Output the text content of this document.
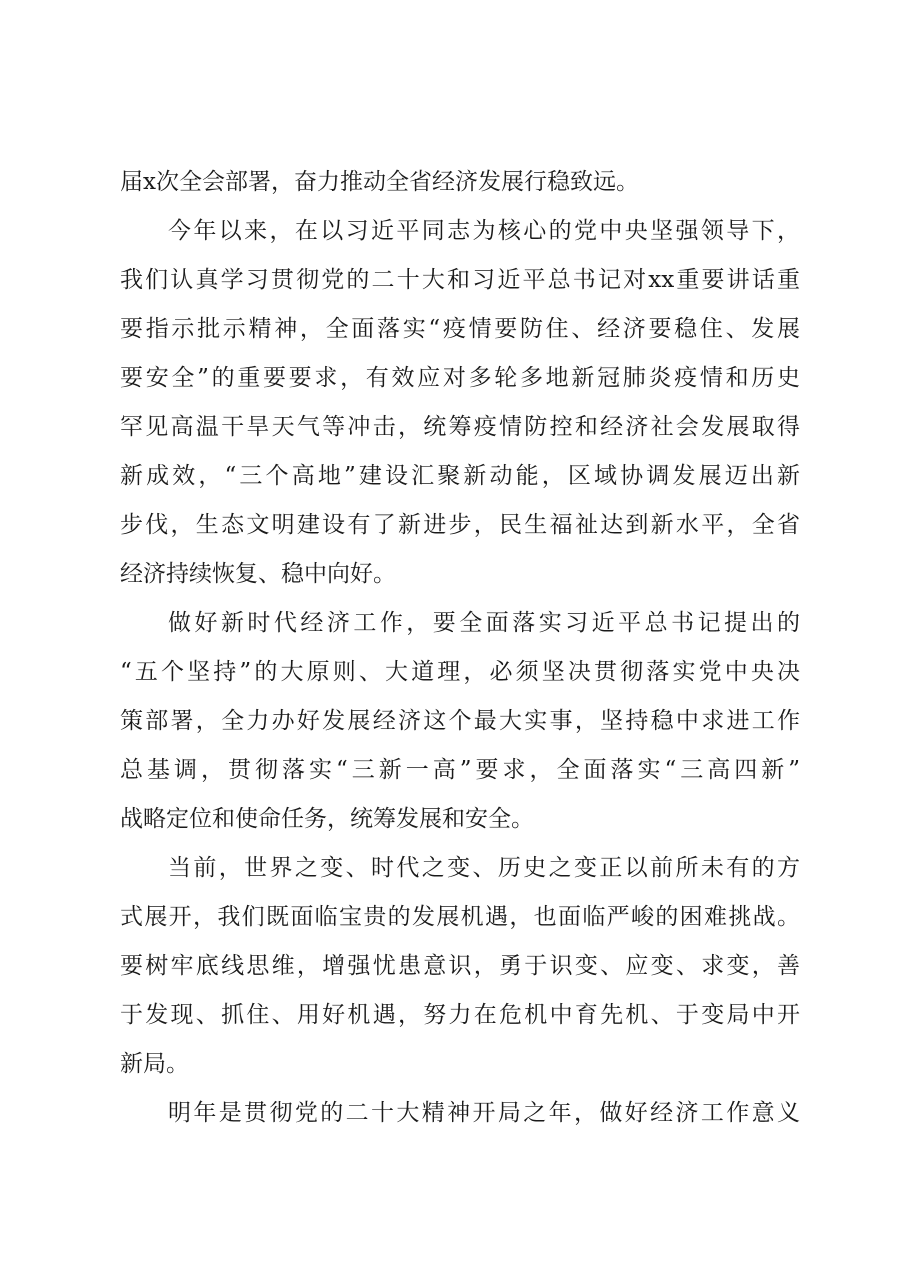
届x次全会部署，奋力推动全省经济发展行稳致远。
今年以来，在以习近平同志为核心的党中央坚强领导下，
我们认真学习贯彻党的二十大和习近平总书记对xx重要讲话重
要指示批示精神，全面落实“疫情要防住、经济要稳住、发展
要安全”的重要要求，有效应对多轮多地新冠肺炎疫情和历史
罕见高温干旱天气等冲击，统筹疫情防控和经济社会发展取得
新成效，“三个高地”建设汇聚新动能，区域协调发展迈出新
步伐，生态文明建设有了新进步，民生福祉达到新水平，全省
经济持续恢复、稳中向好。
做好新时代经济工作，要全面落实习近平总书记提出的
“五个坚持”的大原则、大道理，必须坚决贯彻落实党中央决
策部署，全力办好发展经济这个最大实事，坚持稳中求进工作
总基调，贯彻落实“三新一高”要求，全面落实“三高四新”
战略定位和使命任务，统筹发展和安全。
当前，世界之变、时代之变、历史之变正以前所未有的方
式展开，我们既面临宝贵的发展机遇，也面临严峻的困难挑战。
要树牢底线思维，增强忧患意识，勇于识变、应变、求变，善
于发现、抓住、用好机遇，努力在危机中育先机、于变局中开
新局。
明年是贯彻党的二十大精神开局之年，做好经济工作意义
